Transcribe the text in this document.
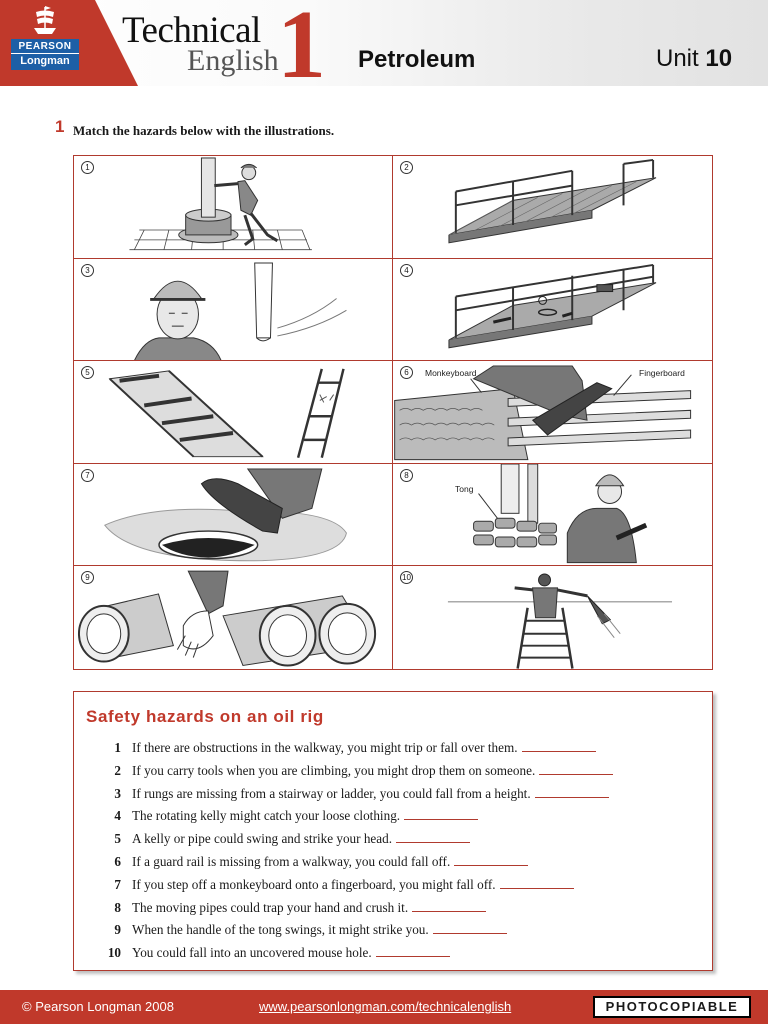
PEARSON
Longman
Technical
English
1 Petroleum	Unit 10
1 Match the hazards below with the illustrations.
1	2
3	4
5	6	Monkeyboard	Fingerboard
7	8
Tong
9	10
Safety hazards on an oil rig
1 If there are obstructions in the walkway, you might trip or fall over them.
2 If you carry tools when you are climbing, you might drop them on someone.
3 If rungs are missing from a stairway or ladder, you could fall from a height.
4 The rotating kelly might catch your loose clothing.
5 A kelly or pipe could swing and strike your head.
6 If a guard rail is missing from a walkway, you could fall off.
7 If you step off a monkeyboard onto a fingerboard, you might fall off.
8 The moving pipes could trap your hand and crush it.
9 When the handle of the tong swings, it might strike you.
10 You could fall into an uncovered mouse hole.
© Pearson Longman 2008	www.pearsonlongman.com/technicalenglish	PHOTOCOPIABLE
